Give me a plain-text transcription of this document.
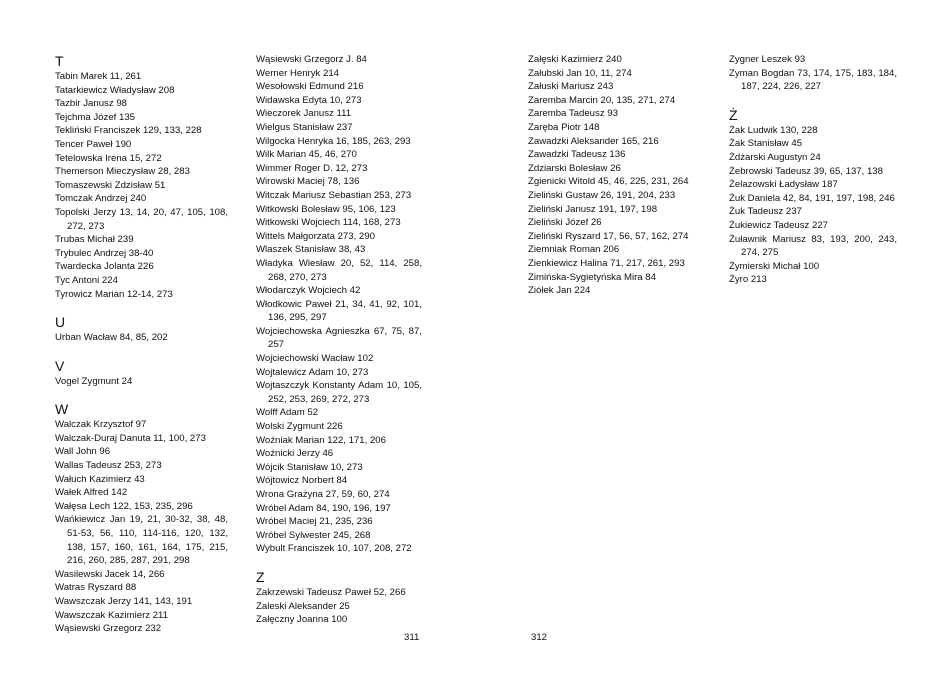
T
Tabin Marek 11, 261
Tatarkiewicz Władysław 208
Tazbir Janusz 98
Tejchma Józef 135
Tekliński Franciszek 129, 133, 228
Tencer Paweł 190
Tetelowska Irena 15, 272
Themerson Mieczysław 28, 283
Tomaszewski Zdzisław 51
Tomczak Andrzej 240
Topolski Jerzy 13, 14, 20, 47, 105, 108, 272, 273
Trubas Michał 239
Trybulec Andrzej 38-40
Twardecka Jolanta 226
Tyc Antoni 224
Tyrowicz Marian 12-14, 273
U
Urban Wacław 84, 85, 202
V
Vogel Zygmunt 24
W
Walczak Krzysztof 97
Walczak-Duraj Danuta 11, 100, 273
Wall John 96
Wallas Tadeusz 253, 273
Wałuch Kazimierz 43
Wałek Alfred 142
Wałęsa Lech 122, 153, 235, 296
Wańkiewicz Jan 19, 21, 30-32, 38, 48, 51-53, 56, 110, 114-116, 120, 132, 138, 157, 160, 161, 164, 175, 215, 216, 260, 285, 287, 291, 298
Wasilewski Jacek 14, 266
Watras Ryszard 88
Wawszczak Jerzy 141, 143, 191
Wawszczak Kazimierz 211
Wąsiewski Grzegorz 232
Wąsiewski Grzegorz J. 84
Werner Henryk 214
Wesołowski Edmund 216
Widawska Edyta 10, 273
Wieczorek Janusz 111
Wielgus Stanisław 237
Wilgocka Henryka 16, 185, 263, 293
Wilk Marian 45, 46, 270
Wimmer Roger D. 12, 273
Wirowski Maciej 78, 136
Witczak Mariusz Sebastian 253, 273
Witkowski Bolesław 95, 106, 123
Witkowski Wojciech 114, 168, 273
Wittels Małgorzata 273, 290
Wlaszek Stanisław 38, 43
Władyka Wiesław 20, 52, 114, 258, 268, 270, 273
Włodarczyk Wojciech 42
Włodkowic Paweł 21, 34, 41, 92, 101, 136, 295, 297
Wojciechowska Agnieszka 67, 75, 87, 257
Wojciechowski Wacław 102
Wojtalewicz Adam 10, 273
Wojtaszczyk Konstanty Adam 10, 105, 252, 253, 269, 272, 273
Wolff Adam 52
Wolski Zygmunt 226
Woźniak Marian 122, 171, 206
Woźnicki Jerzy 46
Wójcik Stanisław 10, 273
Wójtowicz Norbert 84
Wrona Grażyna 27, 59, 60, 274
Wróbel Adam 84, 190, 196, 197
Wróbel Maciej 21, 235, 236
Wróbel Sylwester 245, 268
Wybult Franciszek 10, 107, 208, 272
Z
Zakrzewski Tadeusz Paweł 52, 266
Zaleski Aleksander 25
Załęczny Joanna 100
Załęski Kazimierz 240
Załubski Jan 10, 11, 274
Załuski Mariusz 243
Zaremba Marcin 20, 135, 271, 274
Zaremba Tadeusz 93
Zaręba Piotr 148
Zawadzki Aleksander 165, 216
Zawadzki Tadeusz 136
Zdziarski Bolesław 26
Zgienicki Witold 45, 46, 225, 231, 264
Zieliński Gustaw 26, 191, 204, 233
Zieliński Janusz 191, 197, 198
Zieliński Józef 26
Zieliński Ryszard 17, 56, 57, 162, 274
Ziemniak Roman 206
Zienkiewicz Halina 71, 217, 261, 293
Zimińska-Sygietyńska Mira 84
Ziółek Jan 224
Zygner Leszek 93
Zyman Bogdan 73, 174, 175, 183, 184, 187, 224, 226, 227
Ż
Żak Ludwik 130, 228
Żak Stanisław 45
Żdżarski Augustyn 24
Żebrowski Tadeusz 39, 65, 137, 138
Żelazowski Ładysław 187
Żuk Daniela 42, 84, 191, 197, 198, 246
Żuk Tadeusz 237
Żukiewicz Tadeusz 227
Żuławnik Mariusz 83, 193, 200, 243, 274, 275
Żymierski Michał 100
Żyro 213
311	312
